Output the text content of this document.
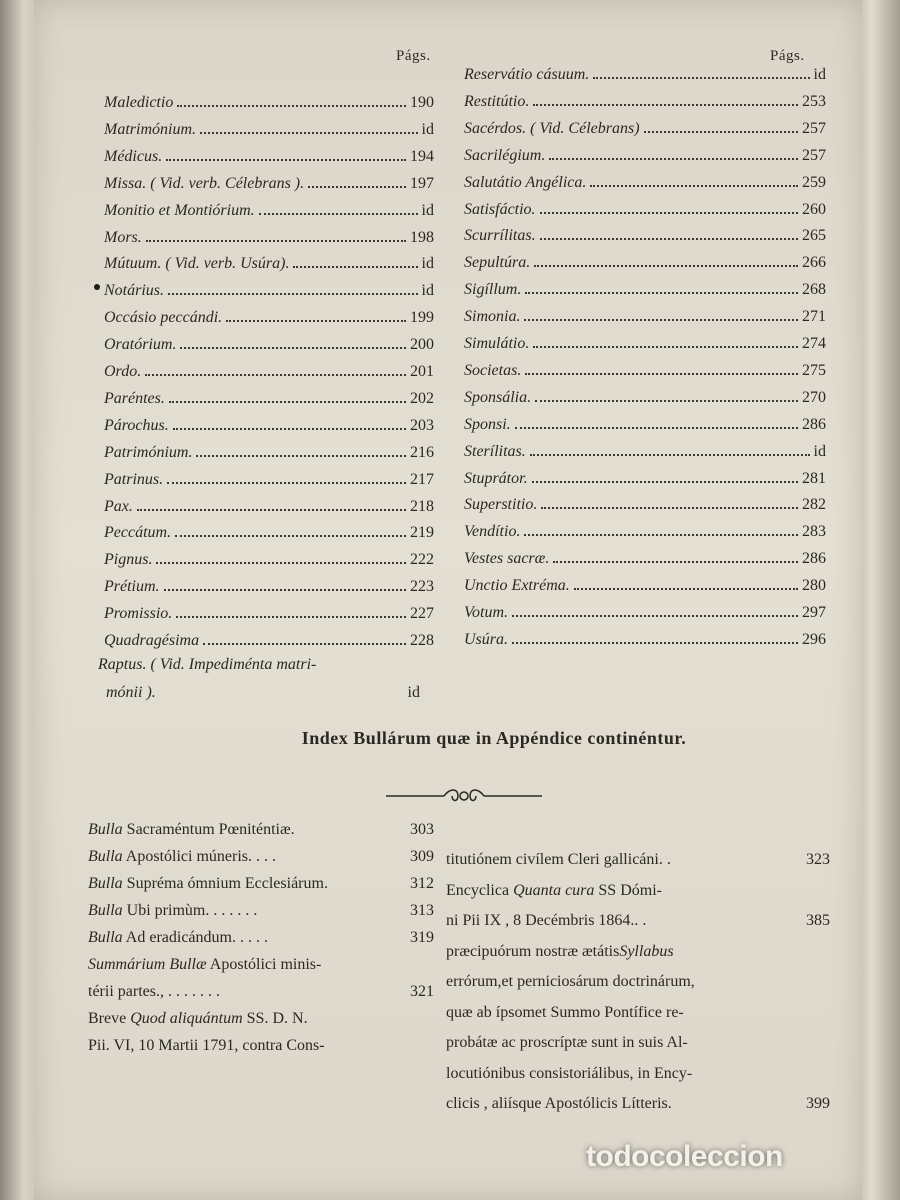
Págs.	Págs.
Maledictio	190
Matrimónium.	id
Médicus.	194
Missa. ( Vid. verb. Célebrans ).	197
Monitio et Montiórium.	id
Mors.	198
Mútuum. ( Vid. verb. Usúra).	id
Notárius.	id
Occásio peccándi.	199
Oratórium.	200
Ordo.	201
Paréntes.	202
Párochus.	203
Patrimónium.	216
Patrinus.	217
Pax.	218
Peccátum.	219
Pignus.	222
Prétium.	223
Promissio.	227
Quadragésima	228
Raptus. ( Vid. Impediménta matri-
mónii ).	id
Reservátio cásuum.	id
Restitútio.	253
Sacérdos. ( Vid. Célebrans)	257
Sacrilégium.	257
Salutátio Angélica.	259
Satisfáctio.	260
Scurrílitas.	265
Sepultúra.	266
Sigíllum.	268
Simonia.	271
Simulátio.	274
Societas.	275
Sponsália.	270
Sponsi.	286
Sterílitas.	id
Stuprátor.	281
Superstitio.	282
Vendítio.	283
Vestes sacræ.	286
Unctio Extréma.	280
Votum.	297
Usúra.	296
Index Bullárum quæ in Appéndice continéntur.
Bulla Sacraméntum Pœniténtiæ.	303
Bulla Apostólici múneris. . . .	309
Bulla Supréma ómnium Ecclesiárum.	312
Bulla Ubi primùm. . . . . . .	313
Bulla Ad eradicándum. . . . .	319
Summárium Bullæ Apostólici minis-
térii partes., . . . . . . .	321
Breve Quod aliquántum SS. D. N.
Pii. VI, 10 Martii 1791, contra Cons-
titutiónem civílem Cleri gallicáni. .	323
Encyclica Quanta cura SS Dómi-
ni Pii IX , 8 Decémbris 1864.. .	385
præcipuórum nostræ ætátisSyllabus
errórum,et perniciosárum doctrinárum,
quæ ab ípsomet Summo Pontífice re-
probátæ ac proscríptæ sunt in suis Al-
locutiónibus consistoriálibus, in Ency-
clicis , aliísque Apostólicis Lítteris.	399
todocoleccion
